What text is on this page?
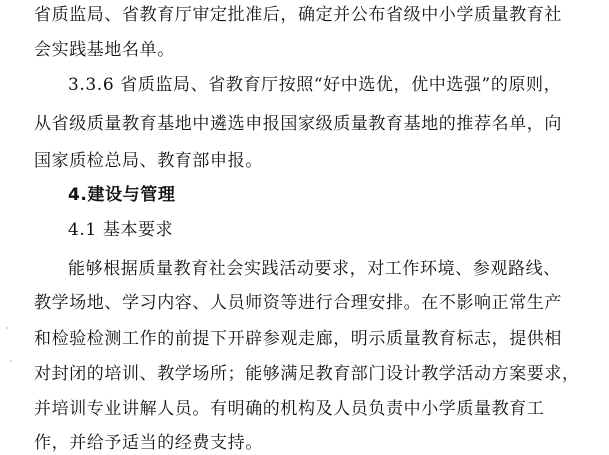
省质监局、省教育厅审定批准后，确定并公布省级中小学质量教育社
会实践基地名单。
3.3.6 省质监局、省教育厅按照“好中选优，优中选强”的原则，
从省级质量教育基地中遴选申报国家级质量教育基地的推荐名单，向
国家质检总局、教育部申报。
4.建设与管理
4.1 基本要求
能够根据质量教育社会实践活动要求，对工作环境、参观路线、
教学场地、学习内容、人员师资等进行合理安排。在不影响正常生产
和检验检测工作的前提下开辟参观走廊，明示质量教育标志，提供相
对封闭的培训、教学场所；能够满足教育部门设计教学活动方案要求，
并培训专业讲解人员。有明确的机构及人员负责中小学质量教育工
作，并给予适当的经费支持。
